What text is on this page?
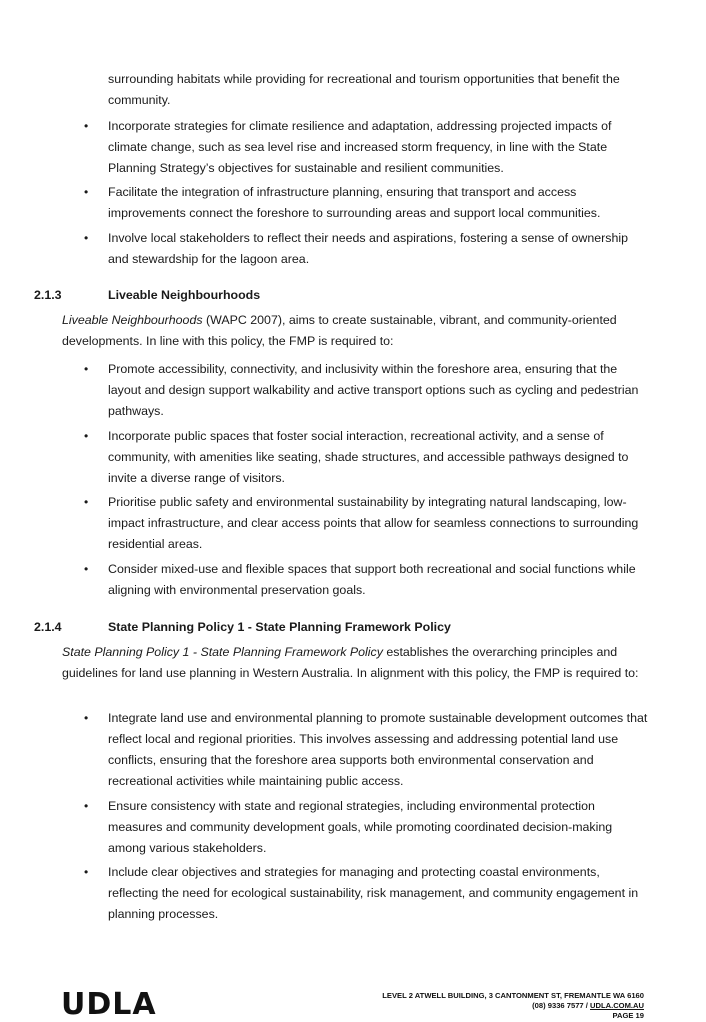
surrounding habitats while providing for recreational and tourism opportunities that benefit the community.
• Incorporate strategies for climate resilience and adaptation, addressing projected impacts of climate change, such as sea level rise and increased storm frequency, in line with the State Planning Strategy’s objectives for sustainable and resilient communities.
• Facilitate the integration of infrastructure planning, ensuring that transport and access improvements connect the foreshore to surrounding areas and support local communities.
• Involve local stakeholders to reflect their needs and aspirations, fostering a sense of ownership and stewardship for the lagoon area.
2.1.3	Liveable Neighbourhoods
Liveable Neighbourhoods (WAPC 2007), aims to create sustainable, vibrant, and community-oriented developments. In line with this policy, the FMP is required to:
• Promote accessibility, connectivity, and inclusivity within the foreshore area, ensuring that the layout and design support walkability and active transport options such as cycling and pedestrian pathways.
• Incorporate public spaces that foster social interaction, recreational activity, and a sense of community, with amenities like seating, shade structures, and accessible pathways designed to invite a diverse range of visitors.
• Prioritise public safety and environmental sustainability by integrating natural landscaping, low-impact infrastructure, and clear access points that allow for seamless connections to surrounding residential areas.
• Consider mixed-use and flexible spaces that support both recreational and social functions while aligning with environmental preservation goals.
2.1.4	State Planning Policy 1 - State Planning Framework Policy
State Planning Policy 1 - State Planning Framework Policy establishes the overarching principles and guidelines for land use planning in Western Australia. In alignment with this policy, the FMP is required to:
• Integrate land use and environmental planning to promote sustainable development outcomes that reflect local and regional priorities. This involves assessing and addressing potential land use conflicts, ensuring that the foreshore area supports both environmental conservation and recreational activities while maintaining public access.
• Ensure consistency with state and regional strategies, including environmental protection measures and community development goals, while promoting coordinated decision-making among various stakeholders.
• Include clear objectives and strategies for managing and protecting coastal environments, reflecting the need for ecological sustainability, risk management, and community engagement in planning processes.
UDLA	LEVEL 2 ATWELL BUILDING, 3 CANTONMENT ST, FREMANTLE WA 6160
(08) 9336 7577 / UDLA.COM.AU
PAGE 19
